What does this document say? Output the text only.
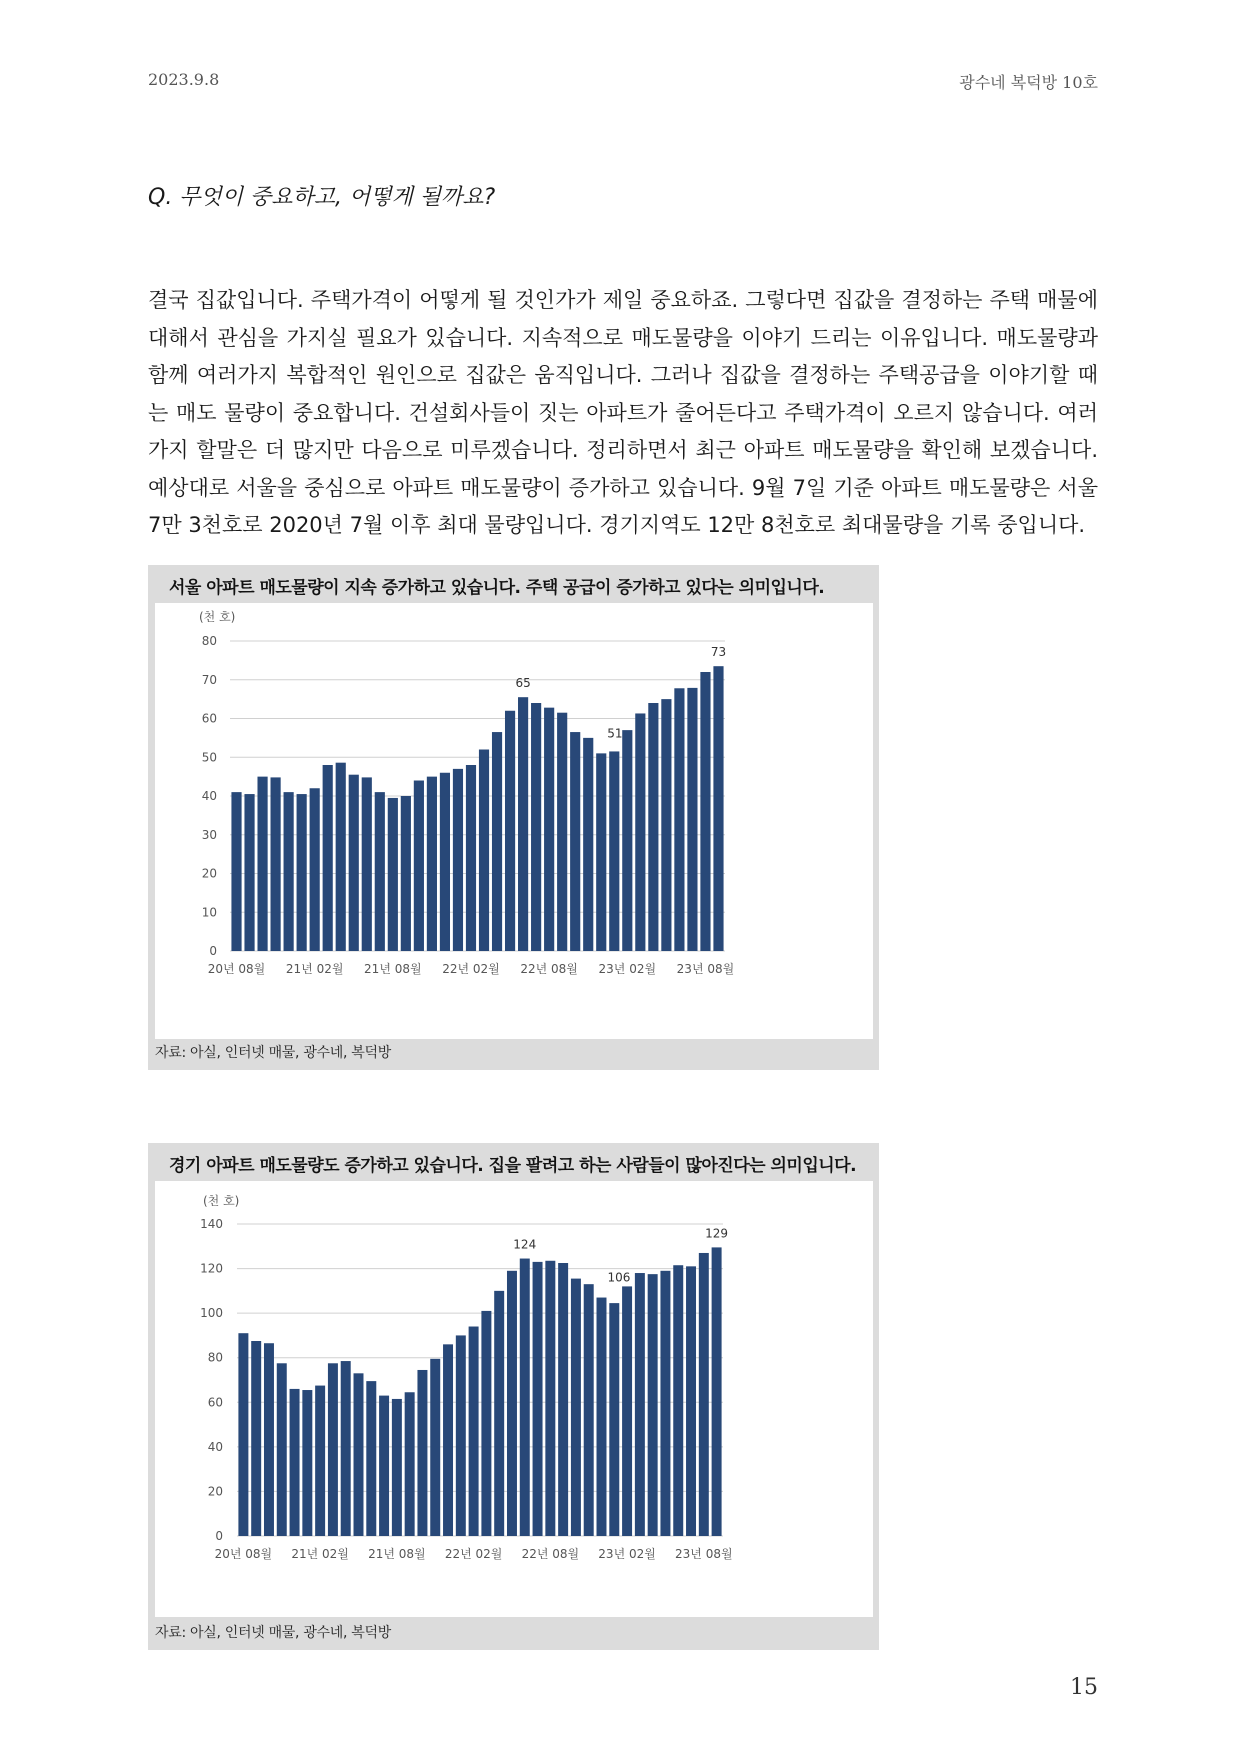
2023.9.8	광수네 복덕방 10호
Q. 무엇이 중요하고, 어떻게 될까요?
결국 집값입니다. 주택가격이 어떻게 될 것인가가 제일 중요하죠. 그렇다면 집값을 결정하는 주택 매물에 대해서 관심을 가지실 필요가 있습니다. 지속적으로 매도물량을 이야기 드리는 이유입니다. 매도물량과 함께 여러가지 복합적인 원인으로 집값은 움직입니다. 그러나 집값을 결정하는 주택공급을 이야기할 때는 매도 물량이 중요합니다. 건설회사들이 짓는 아파트가 줄어든다고 주택가격이 오르지 않습니다. 여러가지 할말은 더 많지만 다음으로 미루겠습니다. 정리하면서 최근 아파트 매도물량을 확인해 보겠습니다. 예상대로 서울을 중심으로 아파트 매도물량이 증가하고 있습니다. 9월 7일 기준 아파트 매도물량은 서울 7만 3천호로 2020년 7월 이후 최대 물량입니다. 경기지역도 12만 8천호로 최대물량을 기록 중입니다.
서울 아파트 매도물량이 지속 증가하고 있습니다. 주택 공급이 증가하고 있다는 의미입니다.
(천 호)
0
10
20
30
40
50
60
70
80
20년 08월 21년 02월 21년 08월 22년 02월 22년 08월 23년 02월 23년 08월
65
51
73
자료: 아실, 인터넷 매물, 광수네, 복덕방
경기 아파트 매도물량도 증가하고 있습니다. 집을 팔려고 하는 사람들이 많아진다는 의미입니다.
(천 호)
0
20
40
60
80
100
120
140
20년 08월 21년 02월 21년 08월 22년 02월 22년 08월 23년 02월 23년 08월
124
106
129
자료: 아실, 인터넷 매물, 광수네, 복덕방
15
